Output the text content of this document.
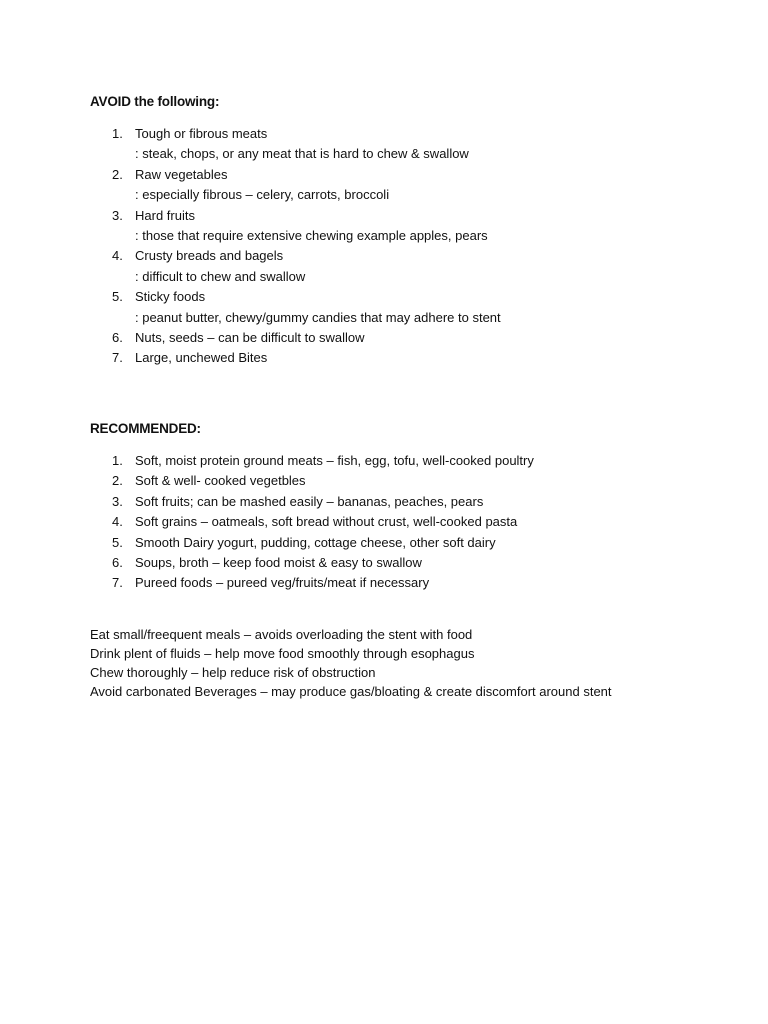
AVOID the following:
1. Tough or fibrous meats
: steak, chops, or any meat that is hard to chew & swallow
2. Raw vegetables
: especially fibrous – celery, carrots, broccoli
3. Hard fruits
: those that require extensive chewing example apples, pears
4. Crusty breads and bagels
: difficult to chew and swallow
5. Sticky foods
: peanut butter, chewy/gummy candies that may adhere to stent
6. Nuts, seeds – can be difficult to swallow
7. Large, unchewed Bites
RECOMMENDED:
1. Soft, moist protein ground meats – fish, egg, tofu, well-cooked poultry
2. Soft & well- cooked vegetbles
3. Soft fruits; can be mashed easily – bananas, peaches, pears
4. Soft grains – oatmeals, soft bread without crust, well-cooked pasta
5. Smooth Dairy yogurt, pudding, cottage cheese, other soft dairy
6. Soups, broth – keep food moist & easy to swallow
7. Pureed foods – pureed veg/fruits/meat if necessary
Eat small/freequent meals – avoids overloading the stent with food
Drink plent of fluids – help move food smoothly through esophagus
Chew thoroughly – help reduce risk of obstruction
Avoid carbonated Beverages – may produce gas/bloating & create discomfort around stent
